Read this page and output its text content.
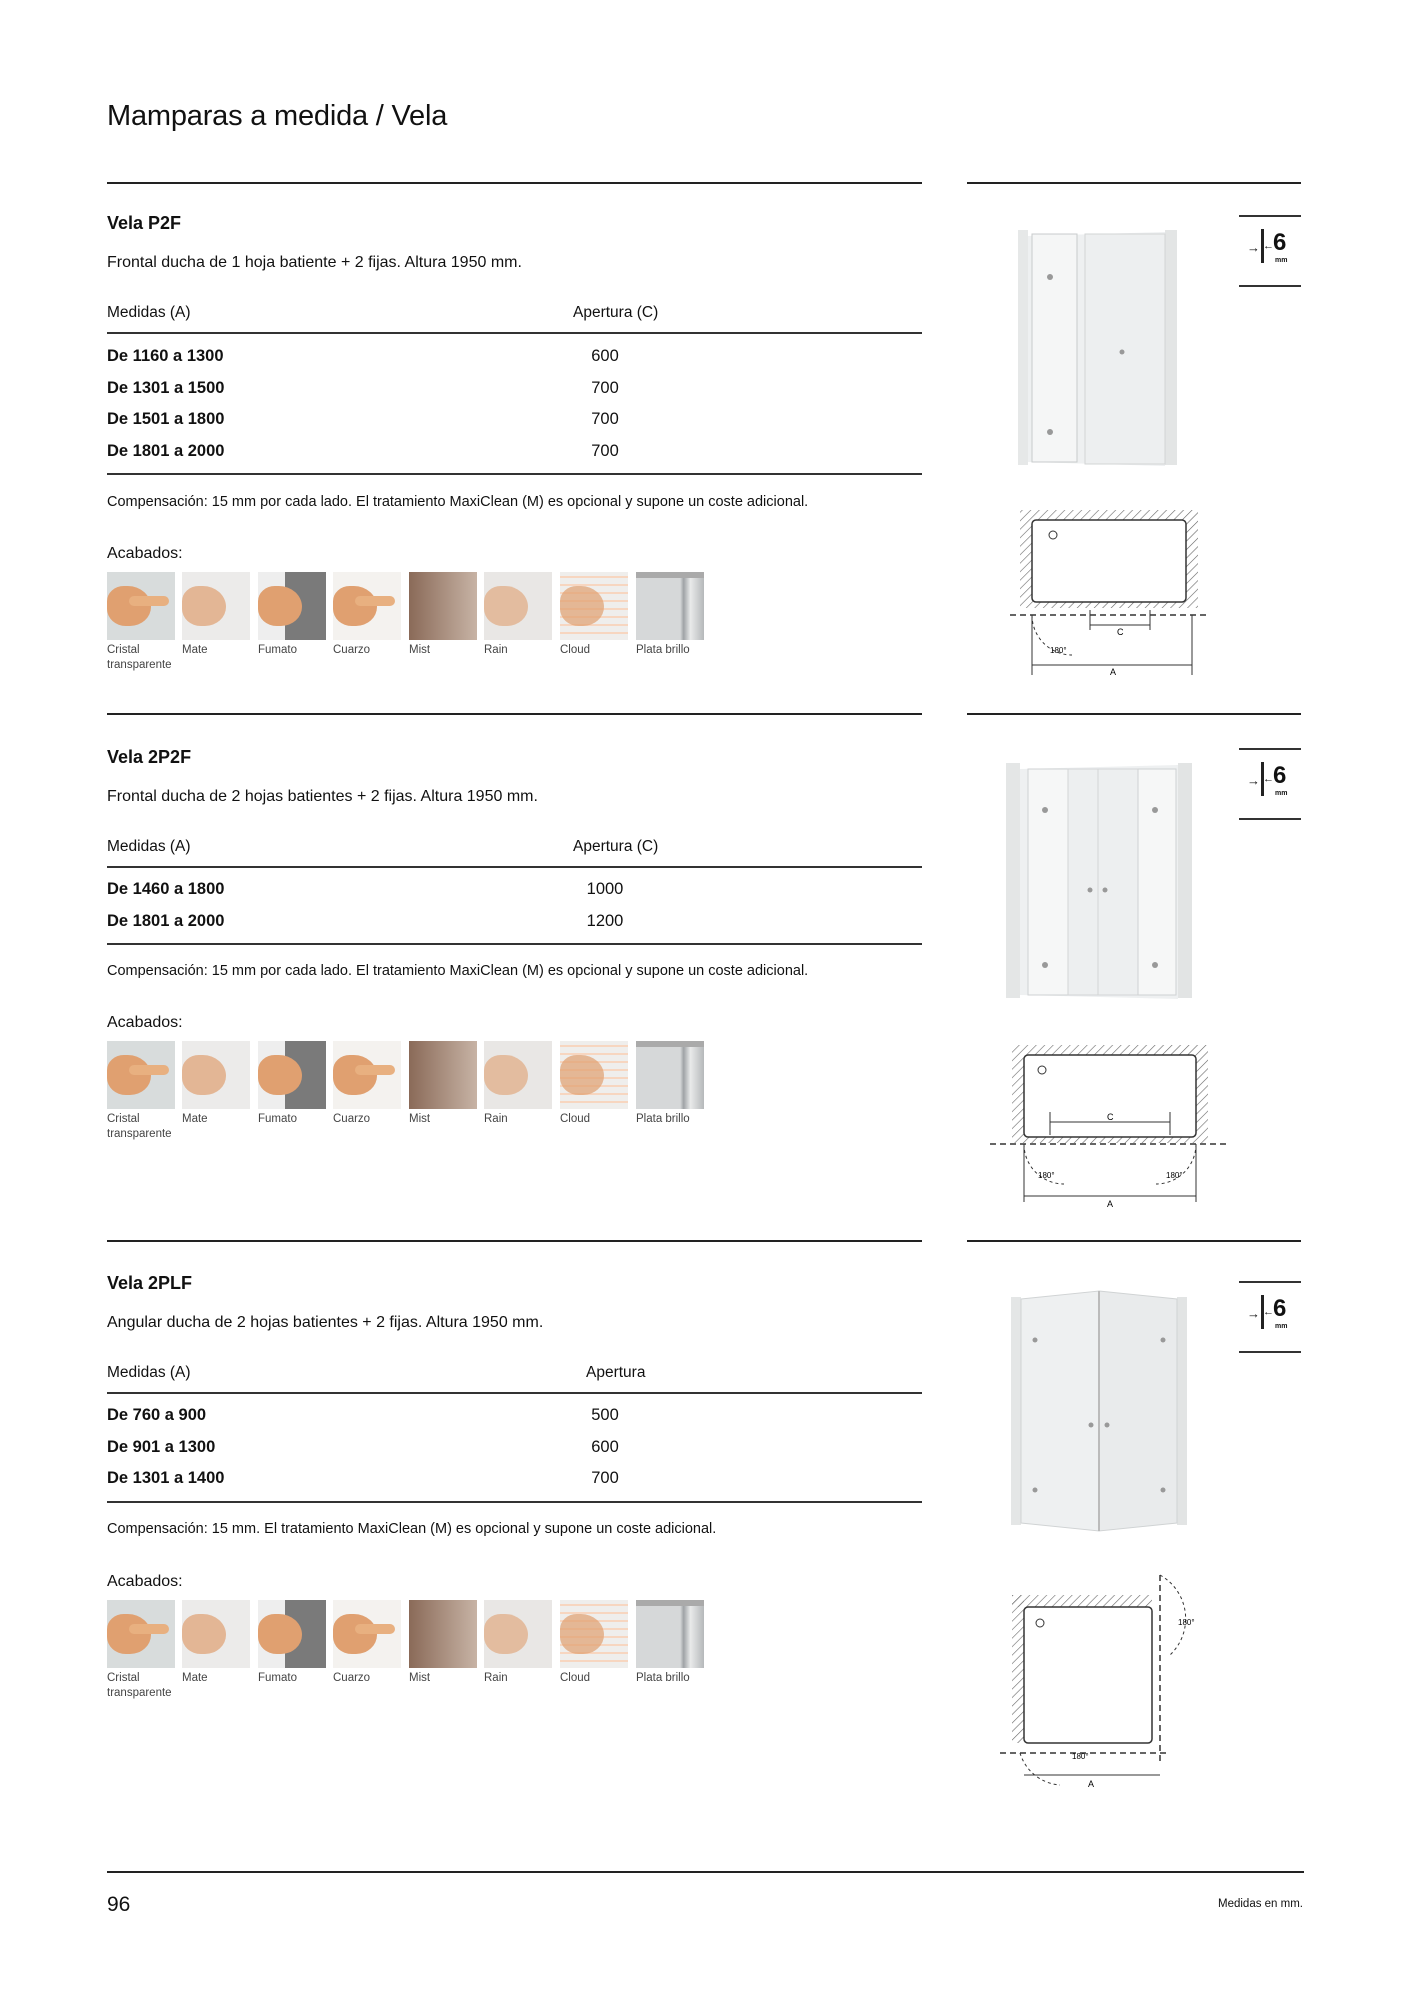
Mamparas a medida / Vela
Vela P2F
Frontal ducha de 1 hoja batiente + 2 fijas. Altura 1950 mm.
Medidas (A)	Apertura (C)
De 1160 a 1300	600
De 1301 a 1500	700
De 1501 a 1800	700
De 1801 a 2000	700
Compensación: 15 mm por cada lado. El tratamiento MaxiClean (M) es opcional y supone un coste adicional.
Acabados:
Cristal
transparente
Mate	Fumato	Cuarzo	Mist	Rain	Cloud	Plata brillo
→ ← 6
mm
C
180°
A
Vela 2P2F
Frontal ducha de 2 hojas batientes + 2 fijas. Altura 1950 mm.
Medidas (A)	Apertura (C)
De 1460 a 1800	1000
De 1801 a 2000	1200
Compensación: 15 mm por cada lado. El tratamiento MaxiClean (M) es opcional y supone un coste adicional.
Acabados:
Cristal
transparente
Mate	Fumato	Cuarzo	Mist	Rain	Cloud	Plata brillo
→ ← 6
mm
C
180°	180°
A
Vela 2PLF
Angular ducha de 2 hojas batientes + 2 fijas. Altura 1950 mm.
Medidas (A)	Apertura
De 760 a 900	500
De 901 a 1300	600
De 1301 a 1400	700
Compensación: 15 mm. El tratamiento MaxiClean (M) es opcional y supone un coste adicional.
Acabados:
Cristal
transparente
Mate	Fumato	Cuarzo	Mist	Rain	Cloud	Plata brillo
→ ← 6
mm
180°
180°
A
96	Medidas en mm.
